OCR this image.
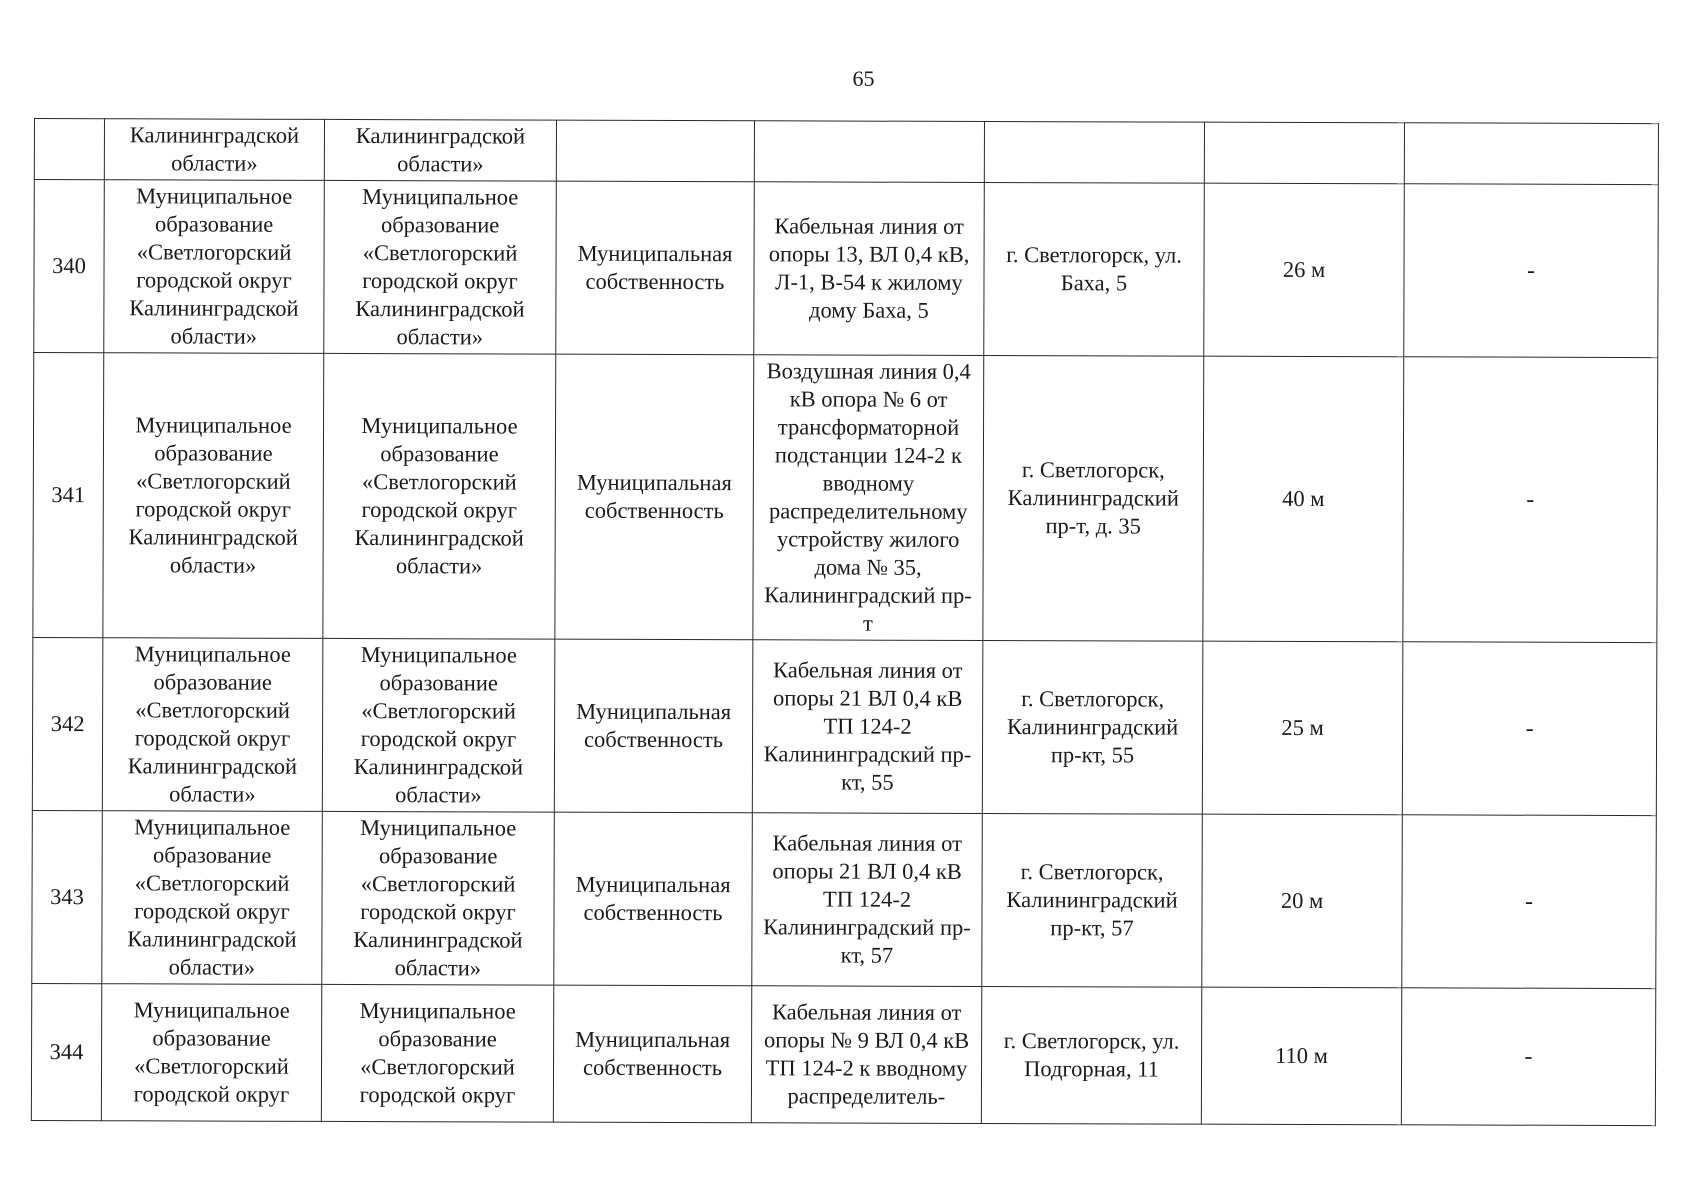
65
	Калининградской области»	Калининградской области»					
340	Муниципальное образование «Светлогорский городской округ Калининградской области»	Муниципальное образование «Светлогорский городской округ Калининградской области»	Муниципальная собственность	Кабельная линия от опоры 13, ВЛ 0,4 кВ, Л-1, В-54 к жилому дому Баха, 5	г. Светлогорск, ул. Баха, 5	26 м	-
341	Муниципальное образование «Светлогорский городской округ Калининградской области»	Муниципальное образование «Светлогорский городской округ Калининградской области»	Муниципальная собственность	Воздушная линия 0,4 кВ опора № 6 от трансформаторной подстанции 124-2 к вводному распределительному устройству жилого дома № 35, Калининградский пр-т	г. Светлогорск, Калининградский пр-т, д. 35	40 м	-
342	Муниципальное образование «Светлогорский городской округ Калининградской области»	Муниципальное образование «Светлогорский городской округ Калининградской области»	Муниципальная собственность	Кабельная линия от опоры 21 ВЛ 0,4 кВ ТП 124-2 Калининградский пр-кт, 55	г. Светлогорск, Калининградский пр-кт, 55	25 м	-
343	Муниципальное образование «Светлогорский городской округ Калининградской области»	Муниципальное образование «Светлогорский городской округ Калининградской области»	Муниципальная собственность	Кабельная линия от опоры 21 ВЛ 0,4 кВ ТП 124-2 Калининградский пр-кт, 57	г. Светлогорск, Калининградский пр-кт, 57	20 м	-
344	Муниципальное образование «Светлогорский городской округ	Муниципальное образование «Светлогорский городской округ	Муниципальная собственность	Кабельная линия от опоры № 9 ВЛ 0,4 кВ ТП 124-2 к вводному распределитель-	г. Светлогорск, ул. Подгорная, 11	110 м	-
